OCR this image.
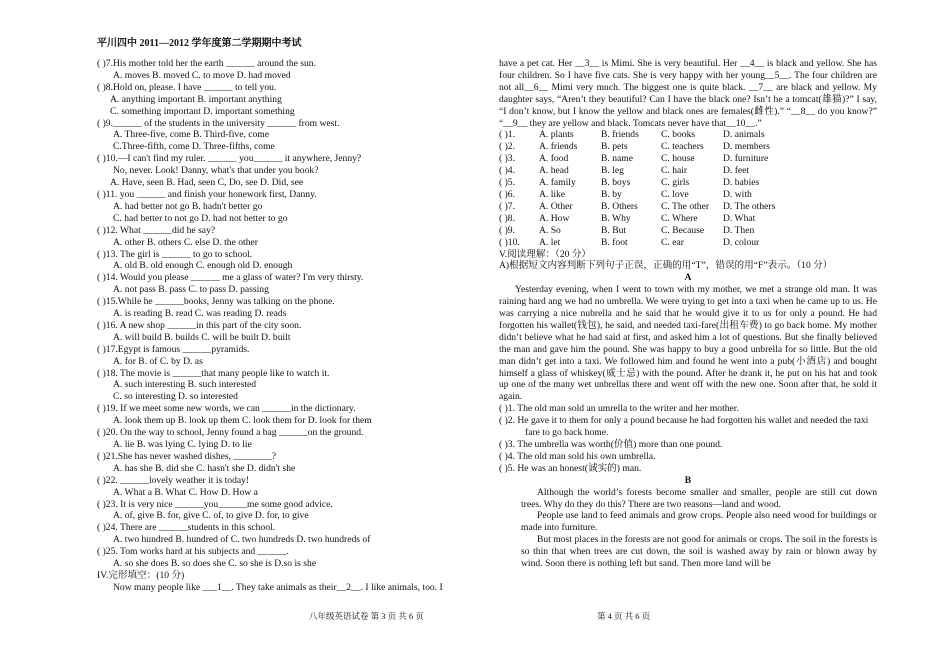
平川四中 2011—2012 学年度第二学期期中考试
( )7.His mother told her the earth ______ around the sun.
A. moves B. moved C. to move D. had moved
( )8.Hold on, please. I have ______ to tell you.
A. anything important B. important anything
C. something important D. important something
( )9.______ of the students in the university ______ from west.
A. Three-five, come B. Third-five, come
C.Three-fifth, come D. Three-fifths, come
( )10.—I can't find my ruler. ______ you______ it anywhere, Jenny?
No, never. Look! Danny, what's that under you book?
A. Have, seen B. Had, seen C, Do, see D. Did, see
( )11. you ______ and finish your honework first, Danny.
A. had better not go B. hadn't better go
C. had better to not go D. had not better to go
( )12. What ______did he say?
A. other B. others C. else D. the other
( )13. The girl is ______ to go to school.
A. old B. old enough C. enough old D. enough
( )14. Would you please ______ me a glass of water? I'm very thirsty.
A. not pass B. pass C. to pass D. passing
( )15.While he ______books, Jenny was talking on the phone.
A. is reading B. read C. was reading D. reads
( )16. A new shop ______in this part of the city soon.
A. will build B. builds C. will be built D. built
( )17.Egypt is famous ______pyramids.
A. for B. of C. by D. as
( )18. The movie is ______that many people like to watch it.
A. such interesting B. such interested
C. so interesting D. so interested
( )19. If we meet some new words, we can ______in the dictionary.
A. look them up B. look up them C. look them for D. look for them
( )20. On the way to school, Jenny found a bag ______on the ground.
A. lie B. was lying C. lying D. to lie
( )21.She has never washed dishes, ________?
A. has she B. did she C. hasn't she D. didn't she
( )22. ______lovely weather it is today!
A. What a B. What C. How D. How a
( )23. It is very nice ______you______me some good advice.
A. of, give B. for, give C. of, to give D. for, to give
( )24. There are ______students in this school.
A. two hundred B. hundred of C. two hundreds D. two hundreds of
( )25. Tom works hard at his subjects and ______.
A. so she does B. so does she C. so she is D.so is she
IV.完形填空：(10 分)
Now many people like ___1__. They take animals as their__2__. I like animals, too. I
have a pet cat. Her __3__ is Mimi. She is very beautiful. Her __4__ is black and yellow. She has four children. So I have five cats. She is very happy with her young__5__. The four children are not all__6__ Mimi very much. The biggest one is quite black. __7__ are black and yellow. My daughter says, “Aren’t they beautiful? Can I have the black one? Isn’t he a tomcat(雄猫)?” I say, “I don’t know, but I know the yellow and black ones are females(雌性).” “__8__ do you know?” “__9__ they are yellow and black. Tomcats never have that__10__.”
( )1.	A. plants	B. friends C. books	D. animals
( )2.	A. friends B. pets	C. teachers D. members
( )3.	A. food	B. name	C. house	D. furniture
( )4.	A. head	B. leg	C. hair	D. feet
( )5.	A. family	B. boys	C. girls	D. babies
( )6.	A. like	B. by	C. love	D. with
( )7.	A. Other	B. Others C. The other D. The others
( )8.	A. How	B. Why	C. Where	D. What
( )9.	A. So	B. But	C. Because D. Then
( )10. A. let	B. foot	C. ear	D. colour
V.阅读理解：（20 分）
A)根据短文内容判断下列句子正误，正确的用“T”，错误的用“F”表示。（10 分）
A
Yesterday evening, when I went to town with my mother, we met a strange old man. It was raining hard ang we had no umbrella. We were trying to get into a taxi when he came up to us. He was carrying a nice nubrella and he said that he would give it to us for only a pound. He had forgotten his wallet(钱包), he said, and needed taxi-fare(出租车费) to go back home. My mother didn’t believe what he had said at first, and asked him a lot of questions. But she finally believed the man and gave him the pound. She was happy to buy a good unbrella for so little. But the old man didn’t get into a taxi. We followed him and found he went into a pub(小酒店) and bought himself a glass of whiskey(威士忌) with the pound. After he drank it, he put on his hat and took up one of the many wet unbrellas there and went off with the new one. Soon after that, he sold it again.
( )1. The old man sold an umrella to the writer and her mother.
( )2. He gave it to them for only a pound because he had forgotten his wallet and needed the taxi fare to go back home.
( )3. The umbrella was worth(价值) more than one pound.
( )4. The old man sold his own umbrella.
( )5. He was an honest(诚实的) man.
B
Although the world’s forests become smaller and smaller, people are still cut down trees. Why do they do this? There are two reasons—land and wood.
People use land to feed animals and grow crops. People also need wood for buildings or made into furniture.
But most places in the forests are not good for animals or crops. The soil in the forests is so thin that when trees are cut down, the soil is washed away by rain or blown away by wind. Soon there is nothing left but sand. Then more land will be
八年级英语试卷 第 3 页 共 6 页	第 4 页 共 6 页
